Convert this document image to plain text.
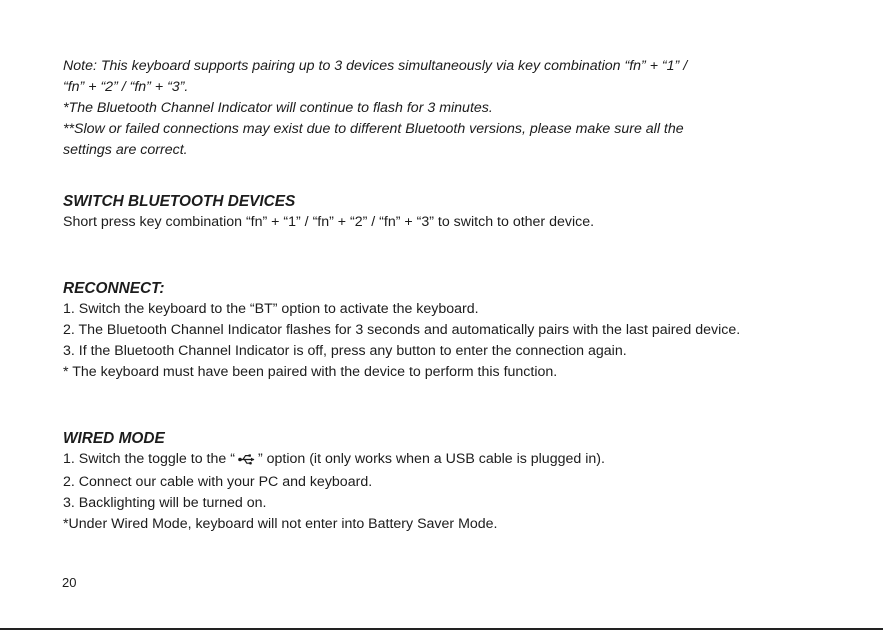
Note: This keyboard supports pairing up to 3 devices simultaneously via key combination “fn” + “1” /
“fn” + “2” / “fn” + “3”.
*The Bluetooth Channel Indicator will continue to flash for 3 minutes.
**Slow or failed connections may exist due to different Bluetooth versions, please make sure all the
settings are correct.
SWITCH BLUETOOTH DEVICES
Short press key combination “fn” + “1” / “fn” + “2” / “fn” + “3” to switch to other device.
RECONNECT:
1. Switch the keyboard to the “BT” option to activate the keyboard.
2. The Bluetooth Channel Indicator flashes for 3 seconds and automatically pairs with the last paired device.
3. If the Bluetooth Channel Indicator is off, press any button to enter the connection again.
* The keyboard must have been paired with the device to perform this function.
WIRED MODE
1. Switch the toggle to the “ ” option (it only works when a USB cable is plugged in).
2. Connect our cable with your PC and keyboard.
3. Backlighting will be turned on.
*Under Wired Mode, keyboard will not enter into Battery Saver Mode.
20
